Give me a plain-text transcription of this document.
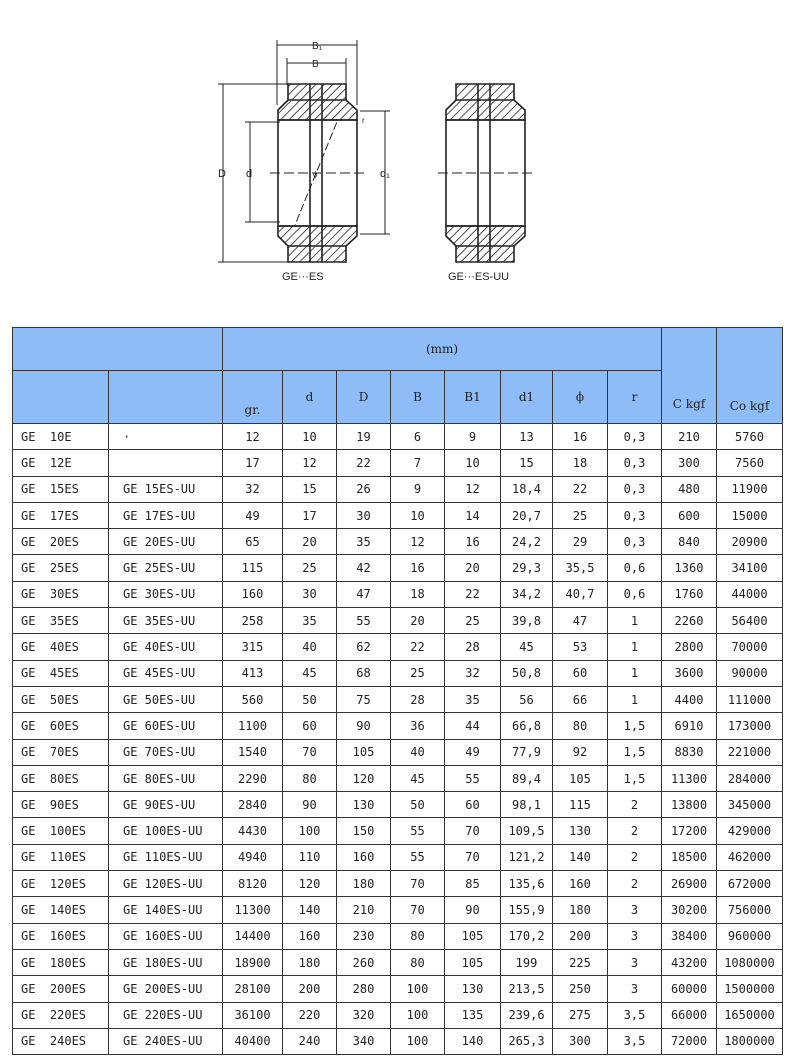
B₁
B
D d	d₁
r
ϕ
GE···ES	GE···ES-UU
		(mm)								C kgf	Co kgf
		gr.	d	D	B	B1	d1	ϕ	r		
GE  10E	·	12	10	19	6	9	13	16	0,3	210	5760
GE  12E		17	12	22	7	10	15	18	0,3	300	7560
GE  15ES	GE 15ES-UU	32	15	26	9	12	18,4	22	0,3	480	11900
GE  17ES	GE 17ES-UU	49	17	30	10	14	20,7	25	0,3	600	15000
GE  20ES	GE 20ES-UU	65	20	35	12	16	24,2	29	0,3	840	20900
GE  25ES	GE 25ES-UU	115	25	42	16	20	29,3	35,5	0,6	1360	34100
GE  30ES	GE 30ES-UU	160	30	47	18	22	34,2	40,7	0,6	1760	44000
GE  35ES	GE 35ES-UU	258	35	55	20	25	39,8	47	1	2260	56400
GE  40ES	GE 40ES-UU	315	40	62	22	28	45	53	1	2800	70000
GE  45ES	GE 45ES-UU	413	45	68	25	32	50,8	60	1	3600	90000
GE  50ES	GE 50ES-UU	560	50	75	28	35	56	66	1	4400	111000
GE  60ES	GE 60ES-UU	1100	60	90	36	44	66,8	80	1,5	6910	173000
GE  70ES	GE 70ES-UU	1540	70	105	40	49	77,9	92	1,5	8830	221000
GE  80ES	GE 80ES-UU	2290	80	120	45	55	89,4	105	1,5	11300	284000
GE  90ES	GE 90ES-UU	2840	90	130	50	60	98,1	115	2	13800	345000
GE  100ES	GE 100ES-UU	4430	100	150	55	70	109,5	130	2	17200	429000
GE  110ES	GE 110ES-UU	4940	110	160	55	70	121,2	140	2	18500	462000
GE  120ES	GE 120ES-UU	8120	120	180	70	85	135,6	160	2	26900	672000
GE  140ES	GE 140ES-UU	11300	140	210	70	90	155,9	180	3	30200	756000
GE  160ES	GE 160ES-UU	14400	160	230	80	105	170,2	200	3	38400	960000
GE  180ES	GE 180ES-UU	18900	180	260	80	105	199	225	3	43200	1080000
GE  200ES	GE 200ES-UU	28100	200	280	100	130	213,5	250	3	60000	1500000
GE  220ES	GE 220ES-UU	36100	220	320	100	135	239,6	275	3,5	66000	1650000
GE  240ES	GE 240ES-UU	40400	240	340	100	140	265,3	300	3,5	72000	1800000
